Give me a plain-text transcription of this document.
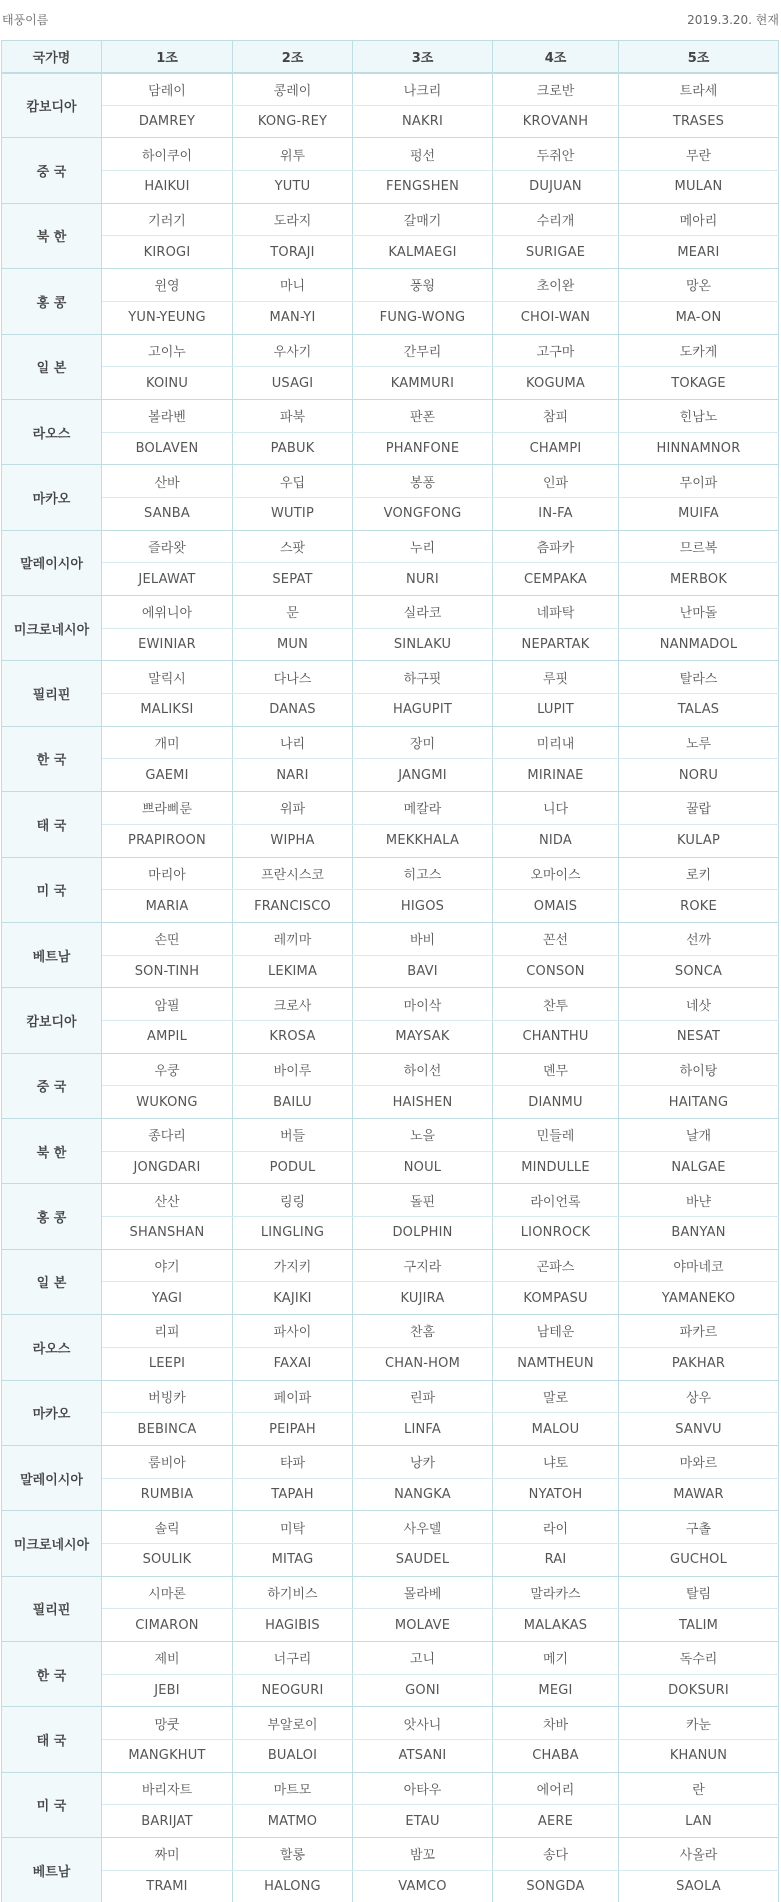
태풍이름	2019.3.20. 현재
국가명	1조	2조	3조	4조	5조
캄보디아	담레이	콩레이	나크리	크로반	트라세
	DAMREY	KONG-REY	NAKRI	KROVANH	TRASES
중 국	하이쿠이	위투	펑선	두쥐안	무란
	HAIKUI	YUTU	FENGSHEN	DUJUAN	MULAN
북 한	기러기	도라지	갈매기	수리개	메아리
	KIROGI	TORAJI	KALMAEGI	SURIGAE	MEARI
홍 콩	윈영	마니	풍웡	초이완	망온
	YUN-YEUNG	MAN-YI	FUNG-WONG	CHOI-WAN	MA-ON
일 본	고이누	우사기	간무리	고구마	도카게
	KOINU	USAGI	KAMMURI	KOGUMA	TOKAGE
라오스	볼라벤	파북	판폰	참피	힌남노
	BOLAVEN	PABUK	PHANFONE	CHAMPI	HINNAMNOR
마카오	산바	우딥	봉퐁	인파	무이파
	SANBA	WUTIP	VONGFONG	IN-FA	MUIFA
말레이시아	즐라왓	스팟	누리	츰파카	므르복
	JELAWAT	SEPAT	NURI	CEMPAKA	MERBOK
미크로네시아	에위니아	문	실라코	네파탁	난마돌
	EWINIAR	MUN	SINLAKU	NEPARTAK	NANMADOL
필리핀	말릭시	다나스	하구핏	루핏	탈라스
	MALIKSI	DANAS	HAGUPIT	LUPIT	TALAS
한 국	개미	나리	장미	미리내	노루
	GAEMI	NARI	JANGMI	MIRINAE	NORU
태 국	쁘라삐룬	위파	메칼라	니다	꿀랍
	PRAPIROON	WIPHA	MEKKHALA	NIDA	KULAP
미 국	마리아	프란시스코	히고스	오마이스	로키
	MARIA	FRANCISCO	HIGOS	OMAIS	ROKE
베트남	손띤	레끼마	바비	꼰선	선까
	SON-TINH	LEKIMA	BAVI	CONSON	SONCA
캄보디아	암필	크로사	마이삭	찬투	네삿
	AMPIL	KROSA	MAYSAK	CHANTHU	NESAT
중 국	우쿵	바이루	하이선	뎬무	하이탕
	WUKONG	BAILU	HAISHEN	DIANMU	HAITANG
북 한	종다리	버들	노을	민들레	날개
	JONGDARI	PODUL	NOUL	MINDULLE	NALGAE
홍 콩	산산	링링	돌핀	라이언록	바냔
	SHANSHAN	LINGLING	DOLPHIN	LIONROCK	BANYAN
일 본	야기	가지키	구지라	곤파스	야마네코
	YAGI	KAJIKI	KUJIRA	KOMPASU	YAMANEKO
라오스	리피	파사이	찬홈	남테운	파카르
	LEEPI	FAXAI	CHAN-HOM	NAMTHEUN	PAKHAR
마카오	버빙카	페이파	린파	말로	상우
	BEBINCA	PEIPAH	LINFA	MALOU	SANVU
말레이시아	룸비아	타파	낭카	냐토	마와르
	RUMBIA	TAPAH	NANGKA	NYATOH	MAWAR
미크로네시아	솔릭	미탁	사우델	라이	구촐
	SOULIK	MITAG	SAUDEL	RAI	GUCHOL
필리핀	시마론	하기비스	몰라베	말라카스	탈림
	CIMARON	HAGIBIS	MOLAVE	MALAKAS	TALIM
한 국	제비	너구리	고니	메기	독수리
	JEBI	NEOGURI	GONI	MEGI	DOKSURI
태 국	망쿳	부알로이	앗사니	차바	카눈
	MANGKHUT	BUALOI	ATSANI	CHABA	KHANUN
미 국	바리자트	마트모	아타우	에어리	란
	BARIJAT	MATMO	ETAU	AERE	LAN
베트남	짜미	할롱	밤꼬	송다	사올라
	TRAMI	HALONG	VAMCO	SONGDA	SAOLA
